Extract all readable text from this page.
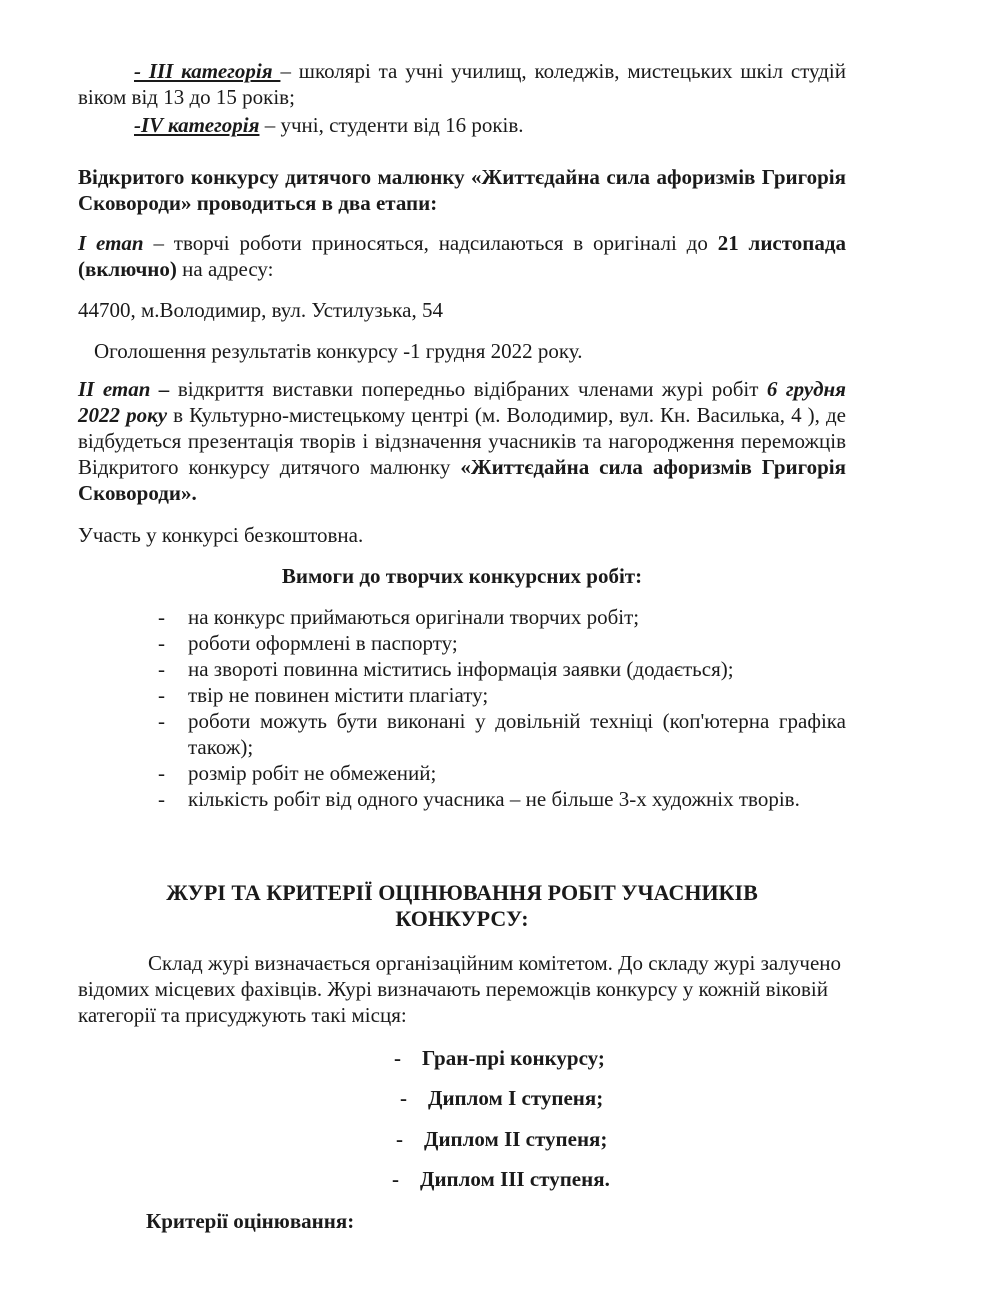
- III категорія – школярі та учні училищ, коледжів, мистецьких шкіл студій віком від 13 до 15 років;

-IV категорія – учні, студенти від 16 років.

Відкритого конкурсу дитячого малюнку «Життєдайна сила афоризмів Григорія Сковороди» проводиться в два етапи:

І етап – творчі роботи приносяться, надсилаються в оригіналі до 21 листопада (включно) на адресу:

44700, м.Володимир, вул. Устилузька, 54

Оголошення результатів конкурсу -1 грудня 2022 року.

ІІ етап – відкриття виставки попередньо відібраних членами журі робіт 6 грудня 2022 року в Культурно-мистецькому центрі (м. Володимир, вул. Кн. Василька, 4 ), де відбудеться презентація творів і відзначення учасників та нагородження переможців Відкритого конкурсу дитячого малюнку «Життєдайна сила афоризмів Григорія Сковороди».

Участь у конкурсі безкоштовна.

Вимоги до творчих конкурсних робіт:

- на конкурс приймаються оригінали творчих робіт;
- роботи оформлені в паспорту;
- на звороті повинна міститись інформація заявки (додається);
- твір не повинен містити плагіату;
- роботи можуть бути виконані у довільній техніці (коп'ютерна графіка також);
- розмір робіт не обмежений;
- кількість робіт від одного учасника – не більше 3-х художніх творів.

ЖУРІ ТА КРИТЕРІЇ ОЦІНЮВАННЯ РОБІТ УЧАСНИКІВ

КОНКУРСУ:

Склад журі визначається організаційним комітетом. До складу журі залучено відомих місцевих фахівців. Журі визначають переможців конкурсу у кожній віковій категорії та присуджують такі місця:

- Гран-прі конкурсу;
- Диплом І ступеня;
- Диплом ІІ ступеня;
- Диплом ІІІ ступеня.

Критерії оцінювання:
